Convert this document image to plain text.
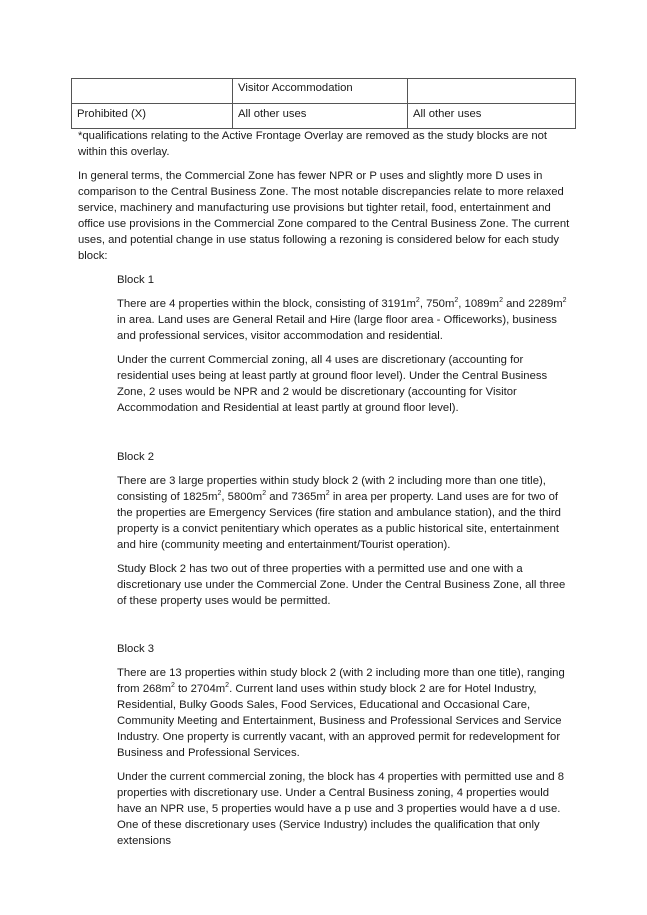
	Visitor Accommodation	
Prohibited (X)	All other uses	All other uses

*qualifications relating to the Active Frontage Overlay are removed as the study blocks are not within this overlay.

In general terms, the Commercial Zone has fewer NPR or P uses and slightly more D uses in comparison to the Central Business Zone. The most notable discrepancies relate to more relaxed service, machinery and manufacturing use provisions but tighter retail, food, entertainment and office use provisions in the Commercial Zone compared to the Central Business Zone. The current uses, and potential change in use status following a rezoning is considered below for each study block:

Block 1

There are 4 properties within the block, consisting of $3191m^2$, $750m^2$, $1089m^2$ and $2289m^2$ in area. Land uses are General Retail and Hire (large floor area - Officeworks), business and professional services, visitor accommodation and residential.

Under the current Commercial zoning, all 4 uses are discretionary (accounting for residential uses being at least partly at ground floor level). Under the Central Business Zone, 2 uses would be NPR and 2 would be discretionary (accounting for Visitor Accommodation and Residential at least partly at ground floor level).

Block 2

There are 3 large properties within study block 2 (with 2 including more than one title), consisting of $1825m^2$, $5800m^2$ and $7365m^2$ in area per property. Land uses are for two of the properties are Emergency Services (fire station and ambulance station), and the third property is a convict penitentiary which operates as a public historical site, entertainment and hire (community meeting and entertainment/Tourist operation).

Study Block 2 has two out of three properties with a permitted use and one with a discretionary use under the Commercial Zone. Under the Central Business Zone, all three of these property uses would be permitted.

Block 3

There are 13 properties within study block 2 (with 2 including more than one title), ranging from $268m^2$ to $2704m^2$. Current land uses within study block 2 are for Hotel Industry, Residential, Bulky Goods Sales, Food Services, Educational and Occasional Care, Community Meeting and Entertainment, Business and Professional Services and Service Industry. One property is currently vacant, with an approved permit for redevelopment for Business and Professional Services.

Under the current commercial zoning, the block has 4 properties with permitted use and 8 properties with discretionary use. Under a Central Business zoning, 4 properties would have an NPR use, 5 properties would have a p use and 3 properties would have a d use. One of these discretionary uses (Service Industry) includes the qualification that only extensions
